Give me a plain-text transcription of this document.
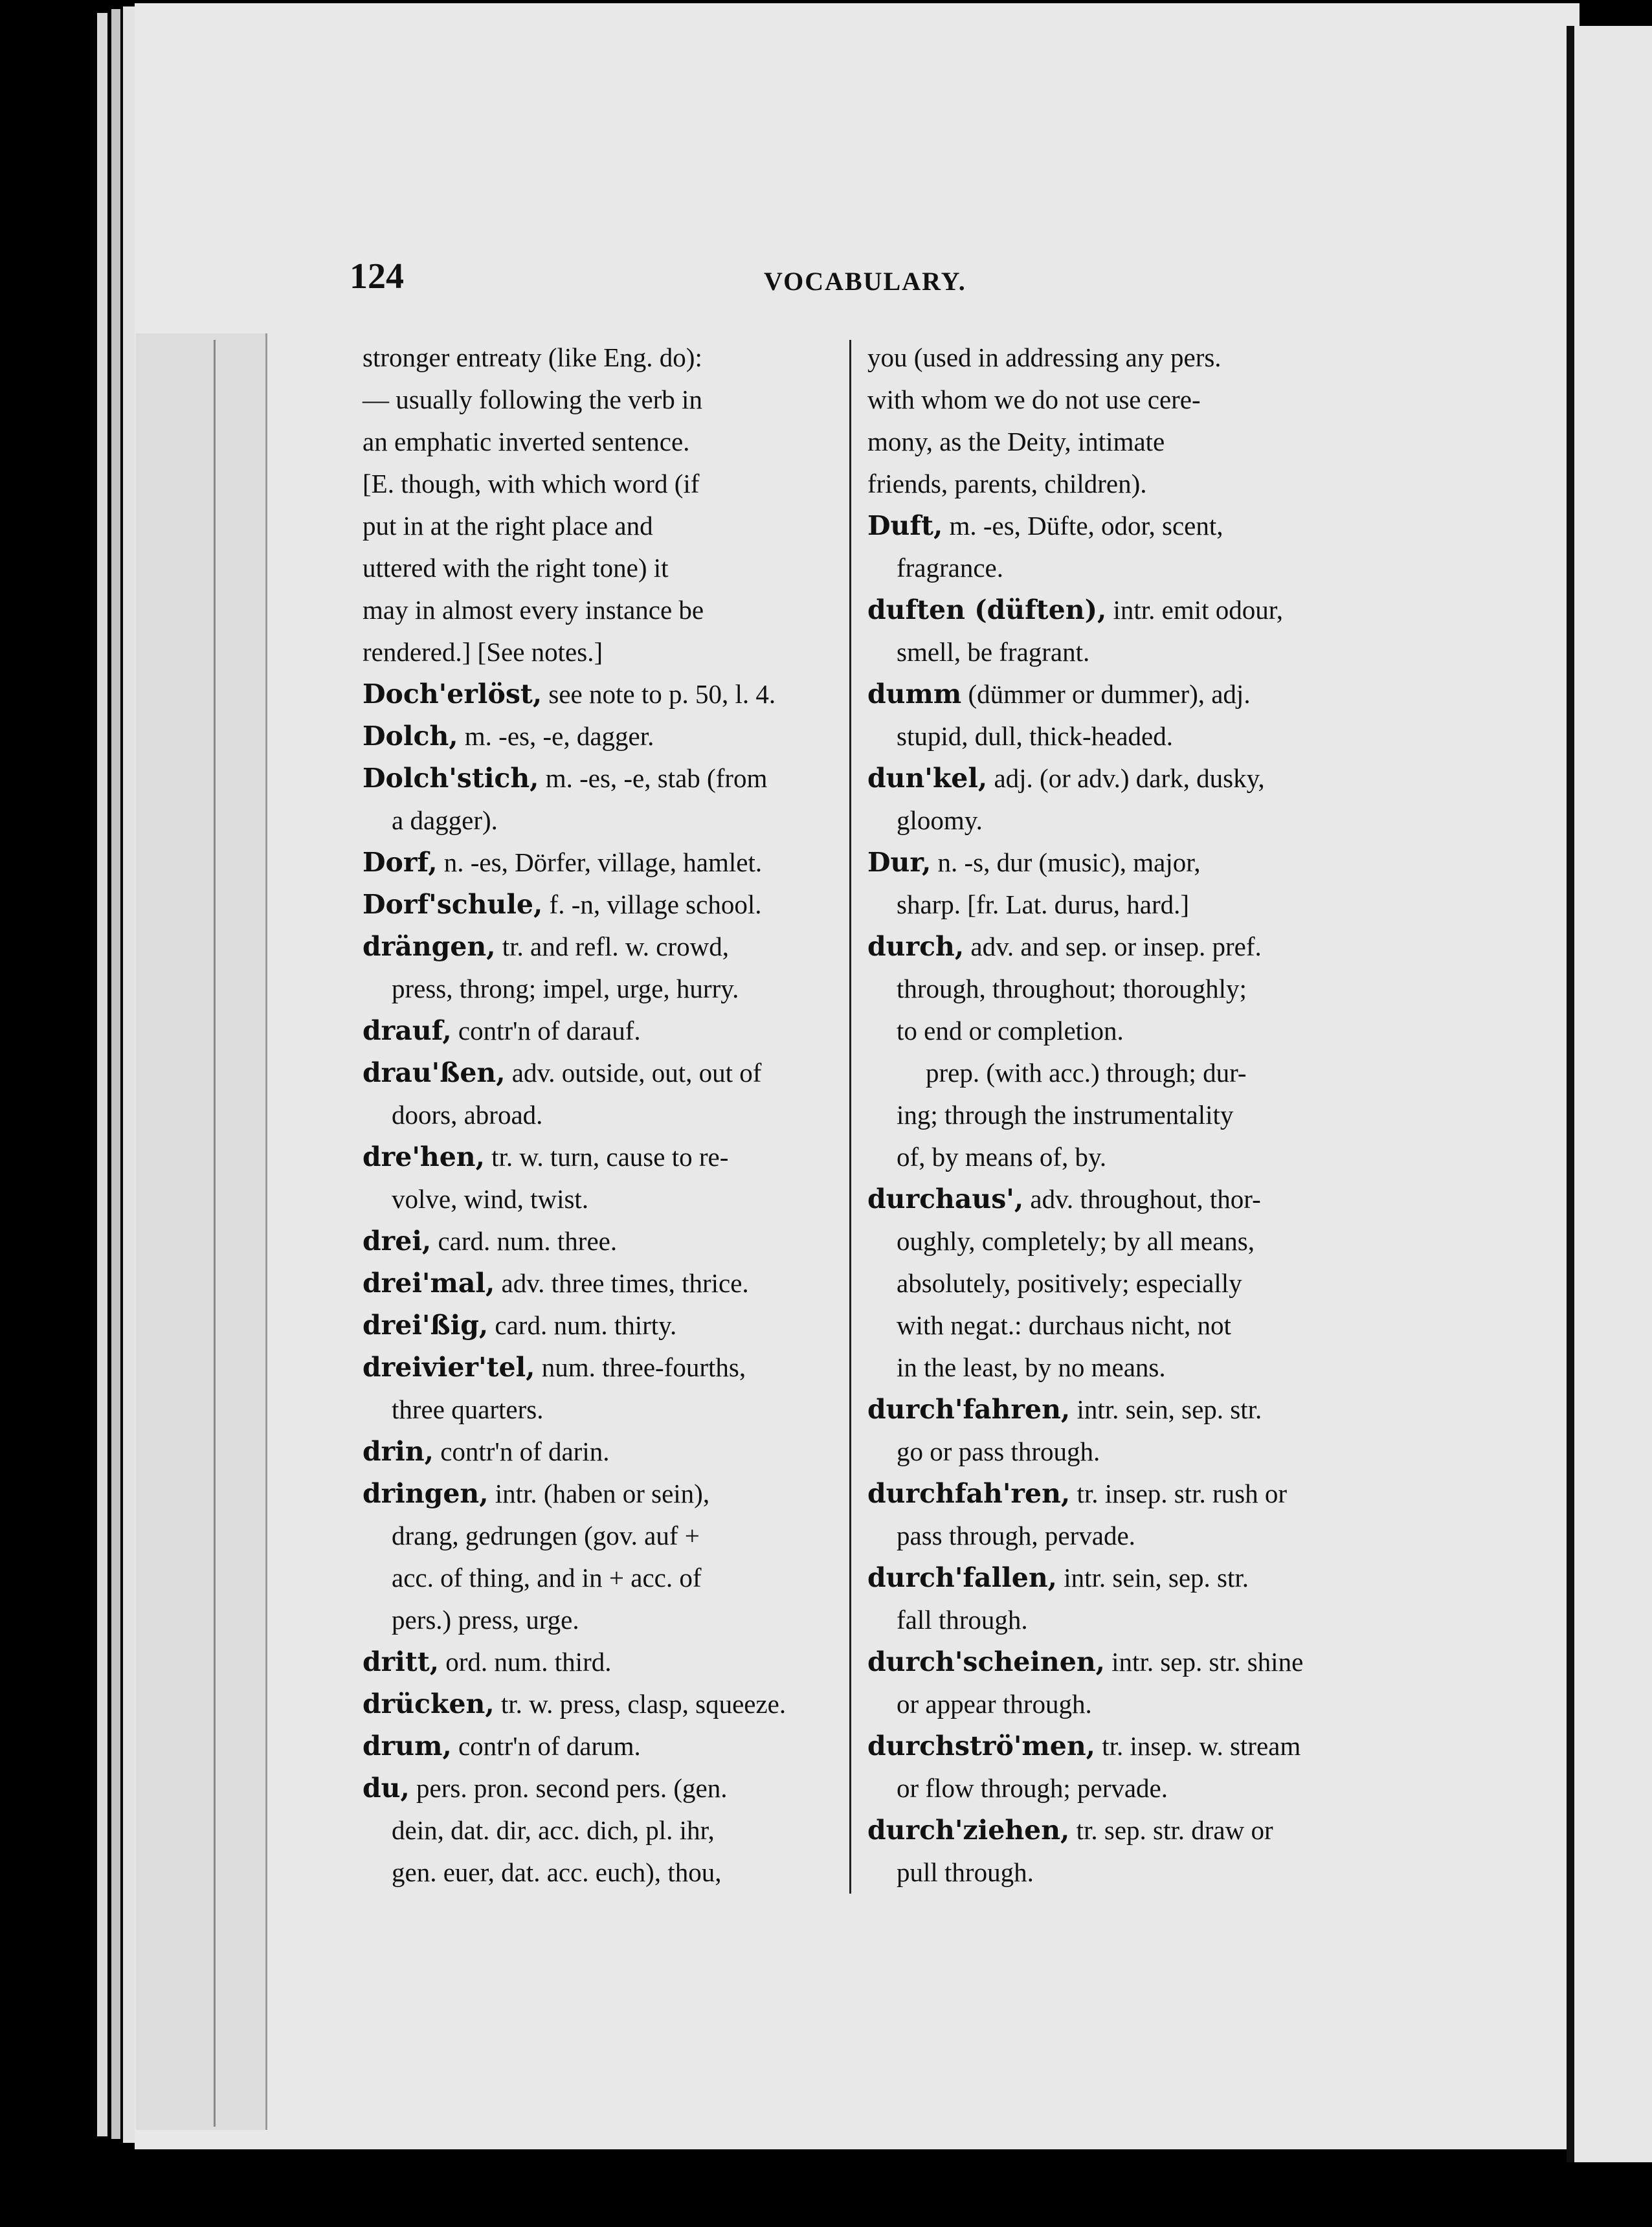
124	VOCABULARY.
stronger entreaty (like Eng. do):
— usually following the verb in
an emphatic inverted sentence.
[E. though, with which word (if
put in at the right place and
uttered with the right tone) it
may in almost every instance be
rendered.] [See notes.]
Doch'erlöst, see note to p. 50, l. 4.
Dolch, m. -es, -e, dagger.
Dolch'stich, m. -es, -e, stab (from
a dagger).
Dorf, n. -es, Dörfer, village, hamlet.
Dorf'schule, f. -n, village school.
drängen, tr. and refl. w. crowd,
press, throng; impel, urge, hurry.
drauf, contr'n of darauf.
drau'ßen, adv. outside, out, out of
doors, abroad.
dre'hen, tr. w. turn, cause to re-
volve, wind, twist.
drei, card. num. three.
drei'mal, adv. three times, thrice.
drei'ßig, card. num. thirty.
dreivier'tel, num. three-fourths,
three quarters.
drin, contr'n of darin.
dringen, intr. (haben or sein),
drang, gedrungen (gov. auf +
acc. of thing, and in + acc. of
pers.) press, urge.
dritt, ord. num. third.
drücken, tr. w. press, clasp, squeeze.
drum, contr'n of darum.
du, pers. pron. second pers. (gen.
dein, dat. dir, acc. dich, pl. ihr,
gen. euer, dat. acc. euch), thou,
you (used in addressing any pers.
with whom we do not use cere-
mony, as the Deity, intimate
friends, parents, children).
Duft, m. -es, Düfte, odor, scent,
fragrance.
duften (düften), intr. emit odour,
smell, be fragrant.
dumm (dümmer or dummer), adj.
stupid, dull, thick-headed.
dun'kel, adj. (or adv.) dark, dusky,
gloomy.
Dur, n. -s, dur (music), major,
sharp. [fr. Lat. durus, hard.]
durch, adv. and sep. or insep. pref.
through, throughout; thoroughly;
to end or completion.
prep. (with acc.) through; dur-
ing; through the instrumentality
of, by means of, by.
durchaus', adv. throughout, thor-
oughly, completely; by all means,
absolutely, positively; especially
with negat.: durchaus nicht, not
in the least, by no means.
durch'fahren, intr. sein, sep. str.
go or pass through.
durchfah'ren, tr. insep. str. rush or
pass through, pervade.
durch'fallen, intr. sein, sep. str.
fall through.
durch'scheinen, intr. sep. str. shine
or appear through.
durchströ'men, tr. insep. w. stream
or flow through; pervade.
durch'ziehen, tr. sep. str. draw or
pull through.
